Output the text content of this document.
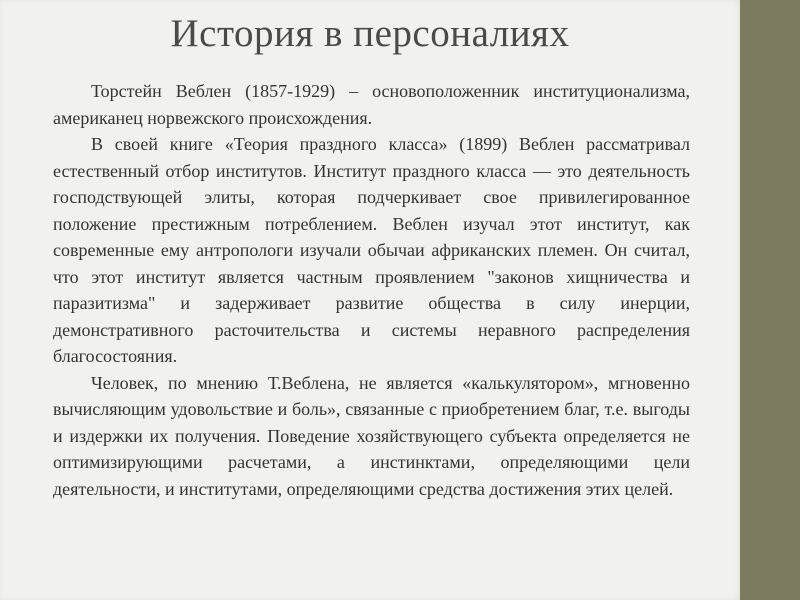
История в персоналиях

Торстейн Веблен (1857-1929) – основоположенник институционализма, американец норвежского происхождения.

В своей книге «Теория праздного класса» (1899) Веблен рассматривал естественный отбор институтов. Институт праздного класса — это деятельность господствующей элиты, которая подчеркивает свое привилегированное положение престижным потреблением. Веблен изучал этот институт, как современные ему антропологи изучали обычаи африканских племен. Он считал, что этот институт является частным проявлением "законов хищничества и паразитизма" и задерживает развитие общества в силу инерции, демонстративного расточительства и системы неравного распределения благосостояния.

Человек, по мнению Т.Веблена, не является «калькулятором», мгновенно вычисляющим удовольствие и боль», связанные с приобретением благ, т.е. выгоды и издержки их получения. Поведение хозяйствующего субъекта определяется не оптимизирующими расчетами, а инстинктами, определяющими цели деятельности, и институтами, определяющими средства достижения этих целей.
